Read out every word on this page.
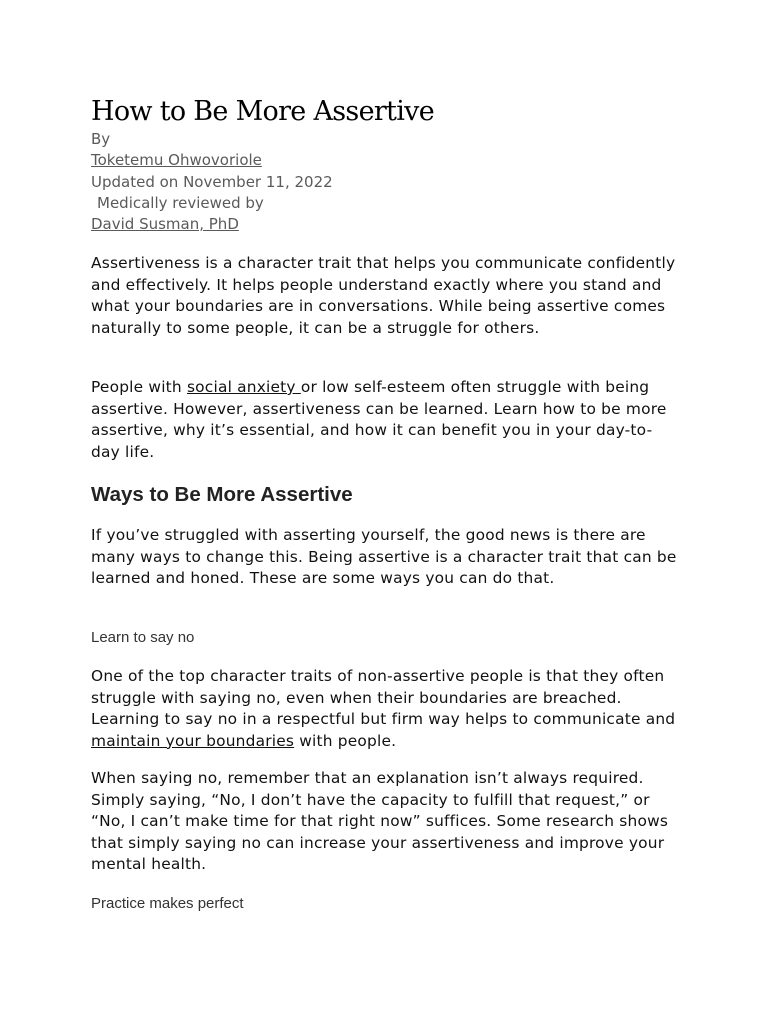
How to Be More Assertive
By
Toketemu Ohwovoriole
Updated on November 11, 2022
Medically reviewed by
David Susman, PhD

Assertiveness is a character trait that helps you communicate confidently and effectively. It helps people understand exactly where you stand and what your boundaries are in conversations. While being assertive comes naturally to some people, it can be a struggle for others.

People with social anxiety or low self-esteem often struggle with being assertive. However, assertiveness can be learned. Learn how to be more assertive, why it’s essential, and how it can benefit you in your day-to-day life.

Ways to Be More Assertive

If you’ve struggled with asserting yourself, the good news is there are many ways to change this. Being assertive is a character trait that can be learned and honed. These are some ways you can do that.

Learn to say no

One of the top character traits of non-assertive people is that they often struggle with saying no, even when their boundaries are breached. Learning to say no in a respectful but firm way helps to communicate and maintain your boundaries with people.

When saying no, remember that an explanation isn’t always required. Simply saying, “No, I don’t have the capacity to fulfill that request,” or “No, I can’t make time for that right now” suffices. Some research shows that simply saying no can increase your assertiveness and improve your mental health.

Practice makes perfect
